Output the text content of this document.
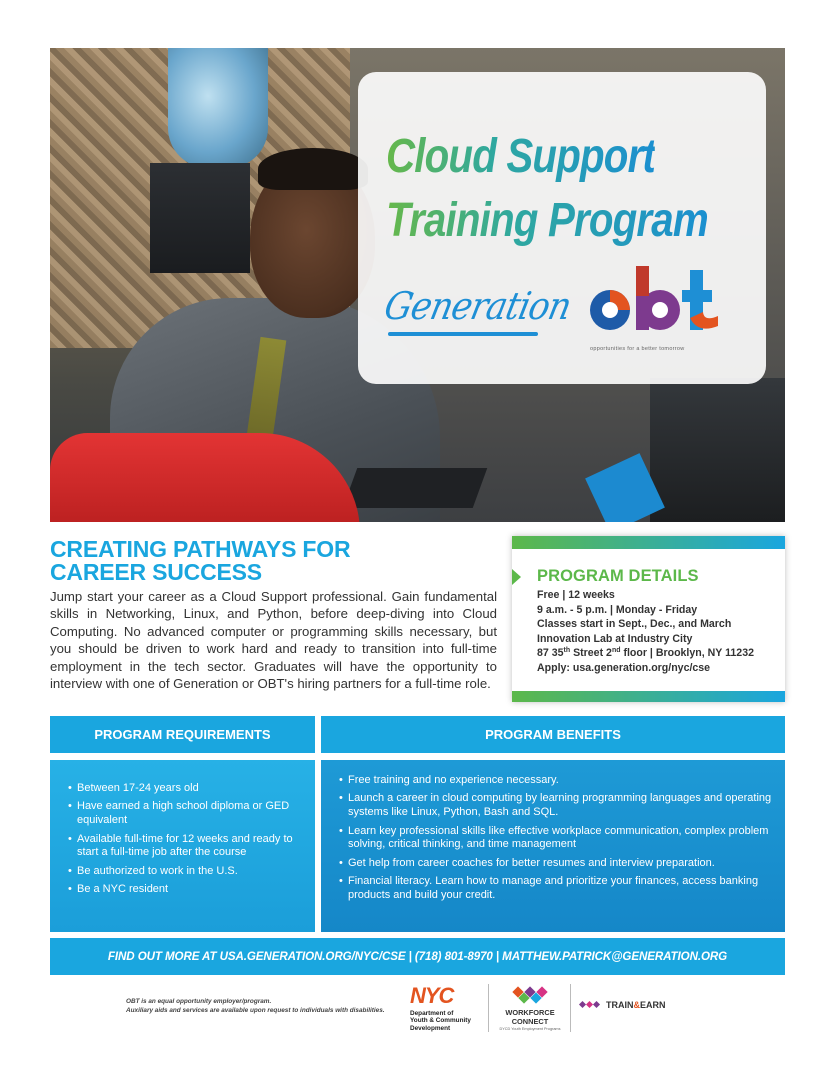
Cloud Support
Training Program
Generation
opportunities for a better tomorrow
CREATING PATHWAYS FOR
CAREER SUCCESS

Jump start your career as a Cloud Support professional. Gain fundamental skills in Networking, Linux, and Python, before deep-diving into Cloud Computing. No advanced computer or programming skills necessary, but you should be driven to work hard and ready to transition into full-time employment in the tech sector. Graduates will have the opportunity to interview with one of Generation or OBT's hiring partners for a full-time role.

PROGRAM DETAILS
Free | 12 weeks
9 a.m. - 5 p.m. | Monday - Friday
Classes start in Sept., Dec., and March
Innovation Lab at Industry City
87 35th Street 2nd floor | Brooklyn, NY 11232
Apply: usa.generation.org/nyc/cse
PROGRAM REQUIREMENTS	PROGRAM BENEFITS
• Between 17-24 years old
• Have earned a high school diploma or GED equivalent
• Available full-time for 12 weeks and ready to start a full-time job after the course
• Be authorized to work in the U.S.
• Be a NYC resident
• Free training and no experience necessary.
• Launch a career in cloud computing by learning programming languages and operating systems like Linux, Python, Bash and SQL.
• Learn key professional skills like effective workplace communication, complex problem solving, critical thinking, and time management
• Get help from career coaches for better resumes and interview preparation.
• Financial literacy. Learn how to manage and prioritize your finances, access banking products and build your credit.
FIND OUT MORE AT USA.GENERATION.ORG/NYC/CSE | (718) 801-8970 | MATTHEW.PATRICK@GENERATION.ORG
OBT is an equal opportunity employer/program.
Auxiliary aids and services are available upon request to individuals with disabilities.
NYC
Department of
Youth & Community
Development
WORKFORCE
CONNECT
DYCD Youth Employment Programs
TRAIN&EARN
